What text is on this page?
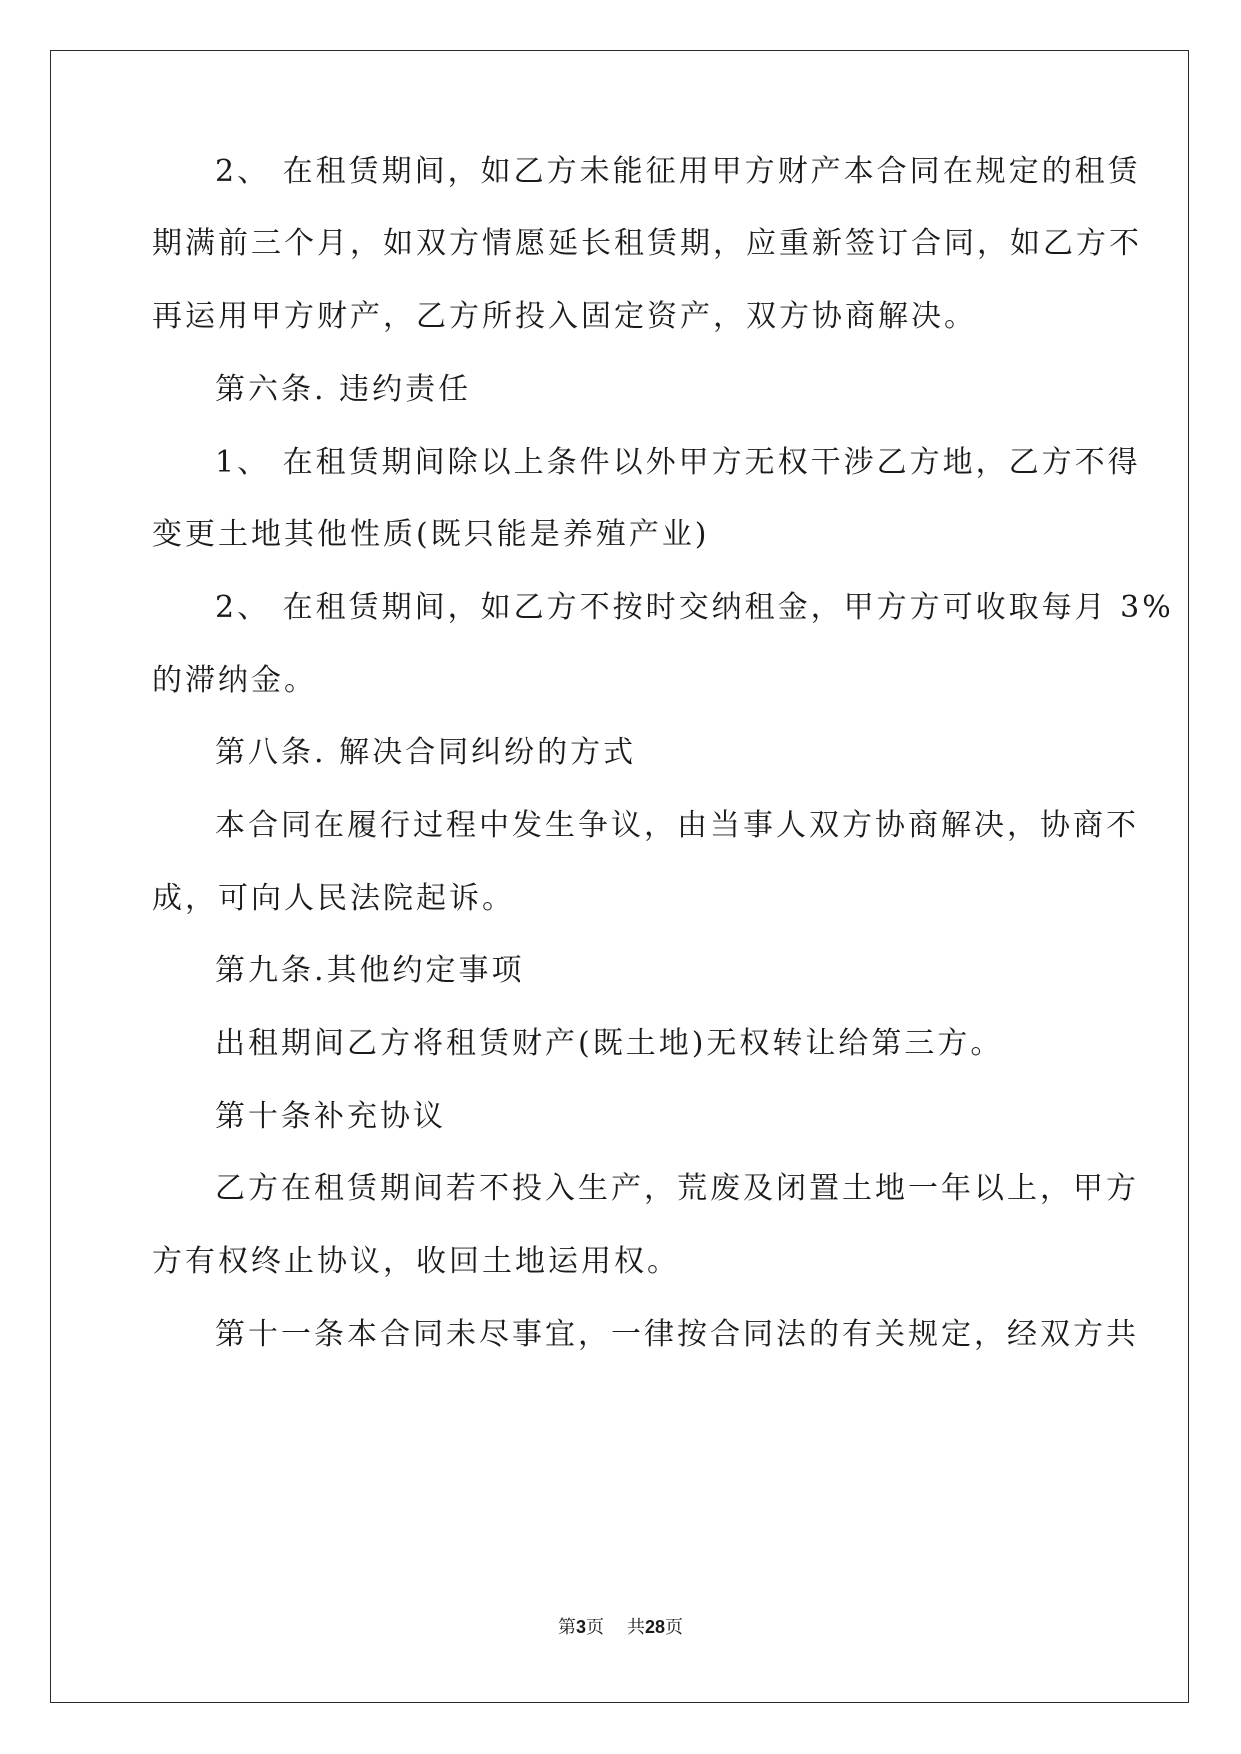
2、 在租赁期间，如乙方未能征用甲方财产本合同在规定的租赁
期满前三个月，如双方情愿延长租赁期，应重新签订合同，如乙方不
再运用甲方财产，乙方所投入固定资产，双方协商解决。
第六条. 违约责任
1、 在租赁期间除以上条件以外甲方无权干涉乙方地，乙方不得
变更土地其他性质(既只能是养殖产业)
2、 在租赁期间，如乙方不按时交纳租金，甲方方可收取每月 3%
的滞纳金。
第八条. 解决合同纠纷的方式
本合同在履行过程中发生争议，由当事人双方协商解决，协商不
成，可向人民法院起诉。
第九条.其他约定事项
出租期间乙方将租赁财产(既土地)无权转让给第三方。
第十条补充协议
乙方在租赁期间若不投入生产，荒废及闭置土地一年以上，甲方
方有权终止协议，收回土地运用权。
第十一条本合同未尽事宜，一律按合同法的有关规定，经双方共
第3页 共28页
